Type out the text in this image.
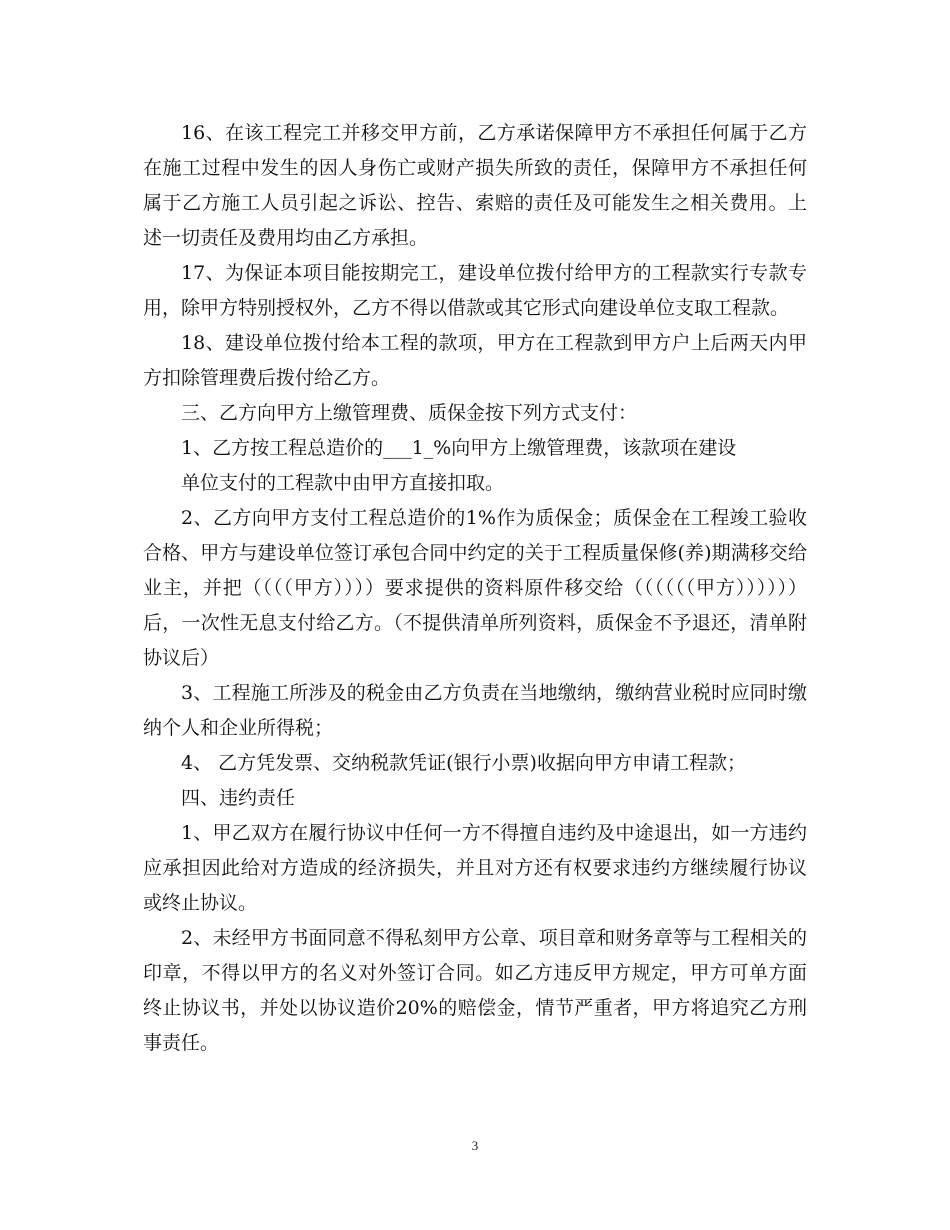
16、在该工程完工并移交甲方前，乙方承诺保障甲方不承担任何属于乙方在施工过程中发生的因人身伤亡或财产损失所致的责任，保障甲方不承担任何属于乙方施工人员引起之诉讼、控告、索赔的责任及可能发生之相关费用。上述一切责任及费用均由乙方承担。

17、为保证本项目能按期完工，建设单位拨付给甲方的工程款实行专款专用，除甲方特别授权外，乙方不得以借款或其它形式向建设单位支取工程款。

18、建设单位拨付给本工程的款项，甲方在工程款到甲方户上后两天内甲方扣除管理费后拨付给乙方。

三、乙方向甲方上缴管理费、质保金按下列方式支付：

1、乙方按工程总造价的___1_%向甲方上缴管理费，该款项在建设

单位支付的工程款中由甲方直接扣取。

2、乙方向甲方支付工程总造价的1%作为质保金；质保金在工程竣工验收合格、甲方与建设单位签订承包合同中约定的关于工程质量保修(养)期满移交给业主，并把（（（（甲方））））要求提供的资料原件移交给（（（（（（甲方））））））后，一次性无息支付给乙方。（不提供清单所列资料，质保金不予退还，清单附协议后）

3、工程施工所涉及的税金由乙方负责在当地缴纳，缴纳营业税时应同时缴纳个人和企业所得税；

4、 乙方凭发票、交纳税款凭证(银行小票)收据向甲方申请工程款；

四、违约责任

1、甲乙双方在履行协议中任何一方不得擅自违约及中途退出，如一方违约应承担因此给对方造成的经济损失，并且对方还有权要求违约方继续履行协议或终止协议。

2、未经甲方书面同意不得私刻甲方公章、项目章和财务章等与工程相关的印章，不得以甲方的名义对外签订合同。如乙方违反甲方规定，甲方可单方面终止协议书，并处以协议造价20%的赔偿金，情节严重者，甲方将追究乙方刑事责任。

3
